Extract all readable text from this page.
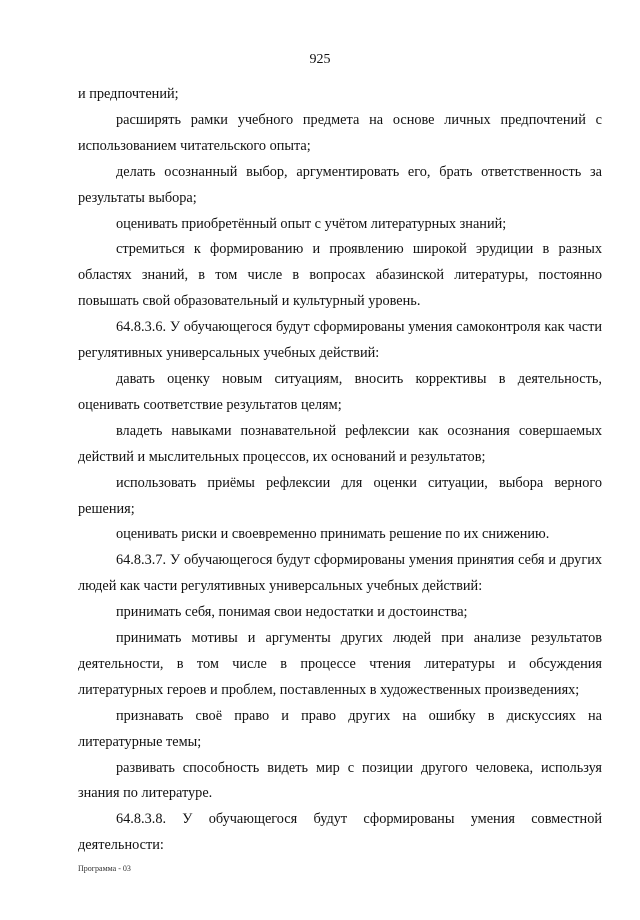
925

и предпочтений;

расширять рамки учебного предмета на основе личных предпочтений с использованием читательского опыта;

делать осознанный выбор, аргументировать его, брать ответственность за результаты выбора;

оценивать приобретённый опыт с учётом литературных знаний;

стремиться к формированию и проявлению широкой эрудиции в разных областях знаний, в том числе в вопросах абазинской литературы, постоянно повышать свой образовательный и культурный уровень.

64.8.3.6. У обучающегося будут сформированы умения самоконтроля как части регулятивных универсальных учебных действий:

давать оценку новым ситуациям, вносить коррективы в деятельность, оценивать соответствие результатов целям;

владеть навыками познавательной рефлексии как осознания совершаемых действий и мыслительных процессов, их оснований и результатов;

использовать приёмы рефлексии для оценки ситуации, выбора верного решения;

оценивать риски и своевременно принимать решение по их снижению.

64.8.3.7. У обучающегося будут сформированы умения принятия себя и других людей как части регулятивных универсальных учебных действий:

принимать себя, понимая свои недостатки и достоинства;

принимать мотивы и аргументы других людей при анализе результатов деятельности, в том числе в процессе чтения литературы и обсуждения литературных героев и проблем, поставленных в художественных произведениях;

признавать своё право и право других на ошибку в дискуссиях на литературные темы;

развивать способность видеть мир с позиции другого человека, используя знания по литературе.

64.8.3.8. У обучающегося будут сформированы умения совместной деятельности:

Программа - 03
